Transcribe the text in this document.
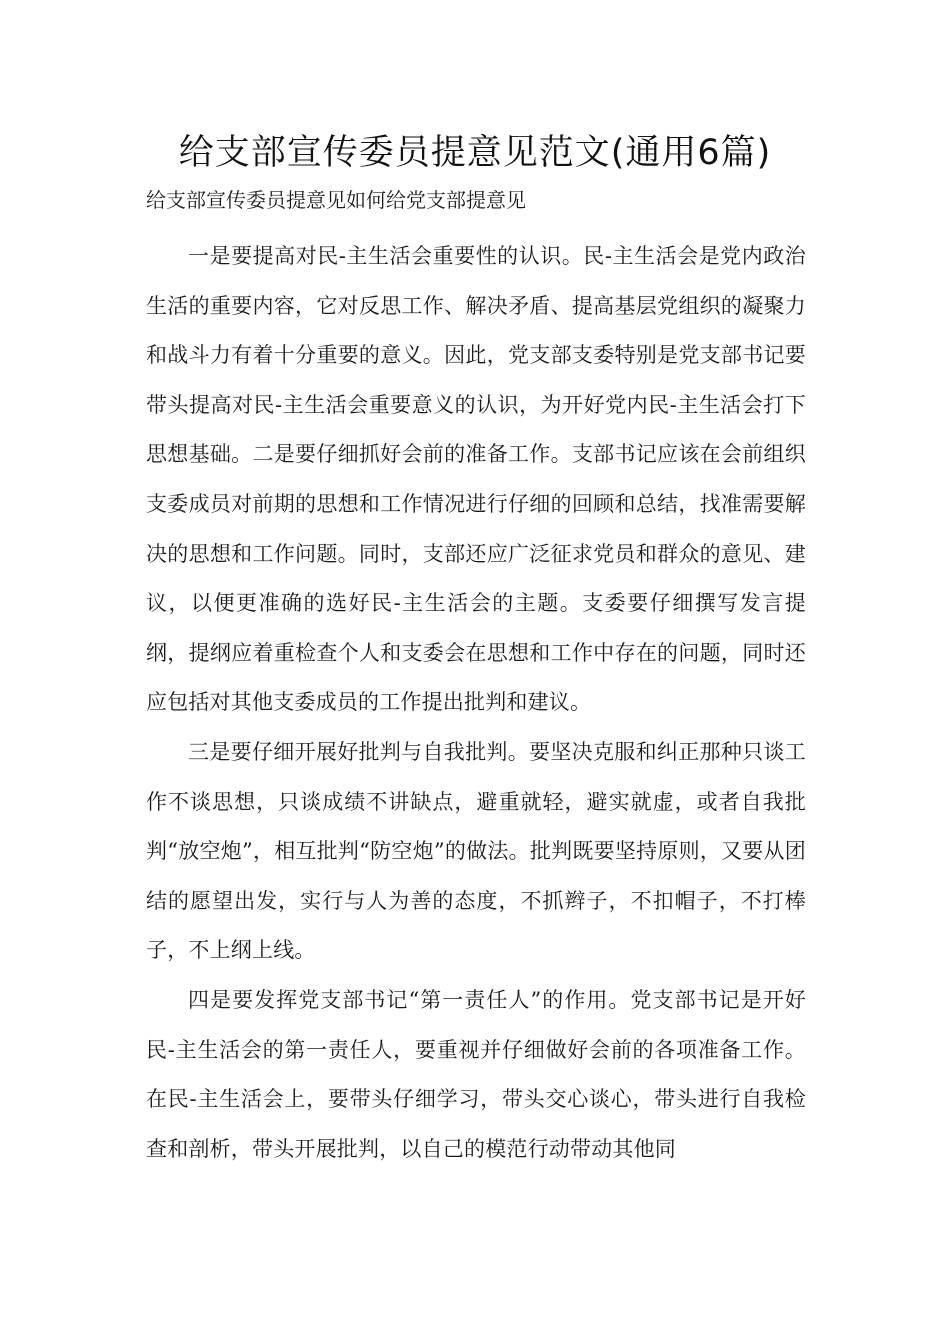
给支部宣传委员提意见范文(通用6篇)

给支部宣传委员提意见如何给党支部提意见

一是要提高对民-主生活会重要性的认识。民-主生活会是党内政治生活的重要内容，它对反思工作、解决矛盾、提高基层党组织的凝聚力和战斗力有着十分重要的意义。因此，党支部支委特别是党支部书记要带头提高对民-主生活会重要意义的认识，为开好党内民-主生活会打下思想基础。二是要仔细抓好会前的准备工作。支部书记应该在会前组织支委成员对前期的思想和工作情况进行仔细的回顾和总结，找准需要解决的思想和工作问题。同时，支部还应广泛征求党员和群众的意见、建议，以便更准确的选好民-主生活会的主题。支委要仔细撰写发言提纲，提纲应着重检查个人和支委会在思想和工作中存在的问题，同时还应包括对其他支委成员的工作提出批判和建议。

三是要仔细开展好批判与自我批判。要坚决克服和纠正那种只谈工作不谈思想，只谈成绩不讲缺点，避重就轻，避实就虚，或者自我批判“放空炮”，相互批判“防空炮”的做法。批判既要坚持原则，又要从团结的愿望出发，实行与人为善的态度，不抓辫子，不扣帽子，不打棒子，不上纲上线。

四是要发挥党支部书记“第一责任人”的作用。党支部书记是开好民-主生活会的第一责任人，要重视并仔细做好会前的各项准备工作。在民-主生活会上，要带头仔细学习，带头交心谈心，带头进行自我检查和剖析，带头开展批判，以自己的模范行动带动其他同
